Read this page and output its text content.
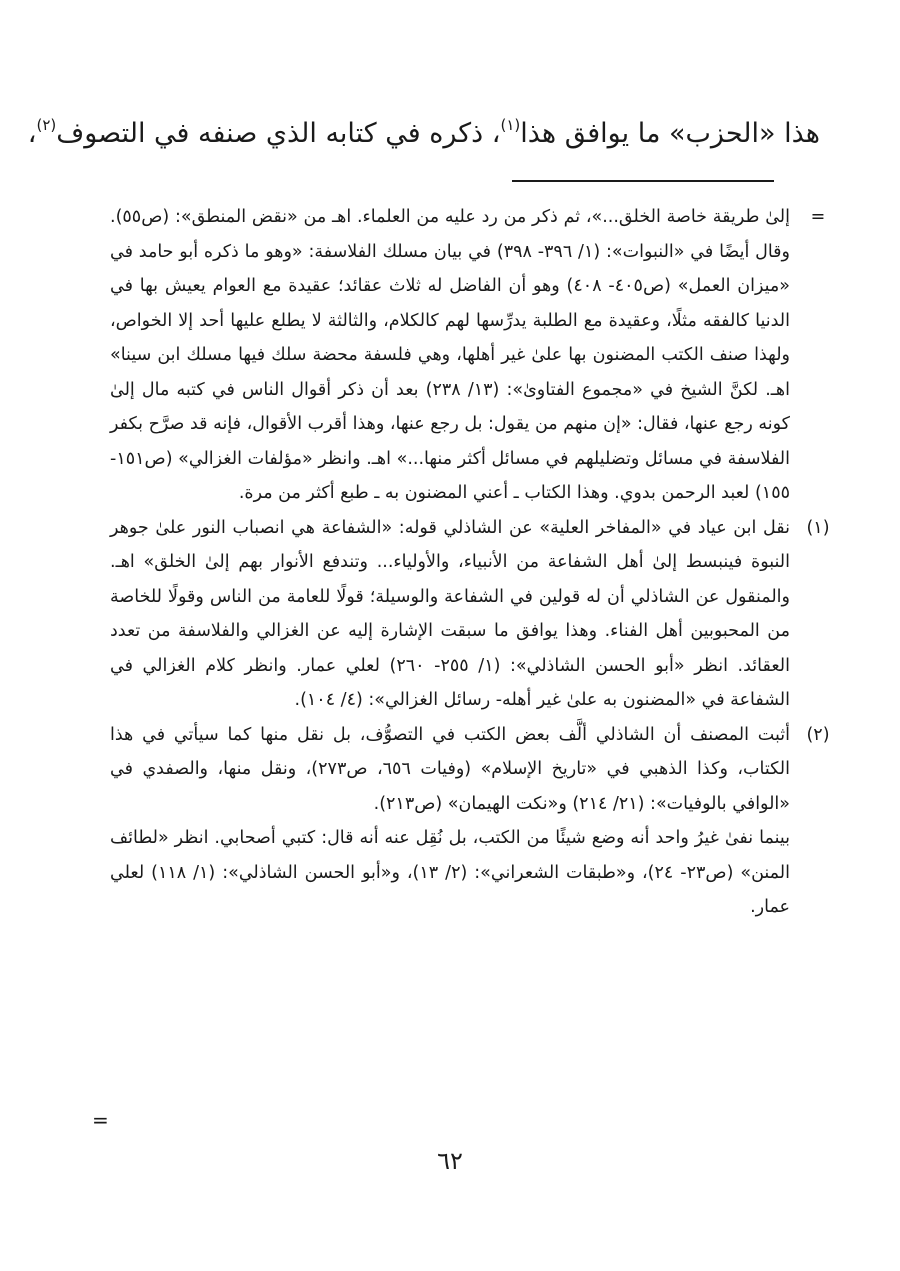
هذا «الحزب» ما يوافق هذا$^{(١)}$، ذكره في كتابه الذي صنفه في التصوف$^{(٢)}$،
=

إلىٰ طريقة خاصة الخلق...»، ثم ذكر من رد عليه من العلماء. اهـ من «نقض المنطق»: (ص٥٥). وقال أيضًا في «النبوات»: (١/ ٣٩٦- ٣٩٨) في بيان مسلك الفلاسفة: «وهو ما ذكره أبو حامد في «ميزان العمل» (ص٤٠٥- ٤٠٨) وهو أن الفاضل له ثلاث عقائد؛ عقيدة مع العوام يعيش بها في الدنيا كالفقه مثلًا، وعقيدة مع الطلبة يدرِّسها لهم كالكلام، والثالثة لا يطلع عليها أحد إلا الخواص، ولهذا صنف الكتب المضنون بها علىٰ غير أهلها، وهي فلسفة محضة سلك فيها مسلك ابن سينا» اهـ. لكنَّ الشيخ في «مجموع الفتاوىٰ»: (١٣/ ٢٣٨) بعد أن ذكر أقوال الناس في كتبه مال إلىٰ كونه رجع عنها، فقال: «إن منهم من يقول: بل رجع عنها، وهذا أقرب الأقوال، فإنه قد صرَّح بكفر الفلاسفة في مسائل وتضليلهم في مسائل أكثر منها...» اهـ. وانظر «مؤلفات الغزالي» (ص١٥١- ١٥٥) لعبد الرحمن بدوي. وهذا الكتاب ـ أعني المضنون به ـ طبع أكثر من مرة.

(١)

نقل ابن عياد في «المفاخر العلية» عن الشاذلي قوله: «الشفاعة هي انصباب النور علىٰ جوهر النبوة فينبسط إلىٰ أهل الشفاعة من الأنبياء، والأولياء... وتندفع الأنوار بهم إلىٰ الخلق» اهـ. والمنقول عن الشاذلي أن له قولين في الشفاعة والوسيلة؛ قولًا للعامة من الناس وقولًا للخاصة من المحبوبين أهل الفناء. وهذا يوافق ما سبقت الإشارة إليه عن الغزالي والفلاسفة من تعدد العقائد. انظر «أبو الحسن الشاذلي»: (١/ ٢٥٥- ٢٦٠) لعلي عمار. وانظر كلام الغزالي في الشفاعة في «المضنون به علىٰ غير أهله- رسائل الغزالي»: (٤/ ١٠٤).

(٢)

أثبت المصنف أن الشاذلي ألَّف بعض الكتب في التصوُّف، بل نقل منها كما سيأتي في هذا الكتاب، وكذا الذهبي في «تاريخ الإسلام» (وفيات ٦٥٦، ص٢٧٣)، ونقل منها، والصفدي في «الوافي بالوفيات»: (٢١/ ٢١٤) و«نكت الهيمان» (ص٢١٣).

بينما نفىٰ غيرُ واحد أنه وضع شيئًا من الكتب، بل نُقِل عنه أنه قال: كتبي أصحابي. انظر «لطائف المنن» (ص٢٣- ٢٤)، و«طبقات الشعراني»: (٢/ ١٣)، و«أبو الحسن الشاذلي»: (١/ ١١٨) لعلي عمار.

=
٦٢
